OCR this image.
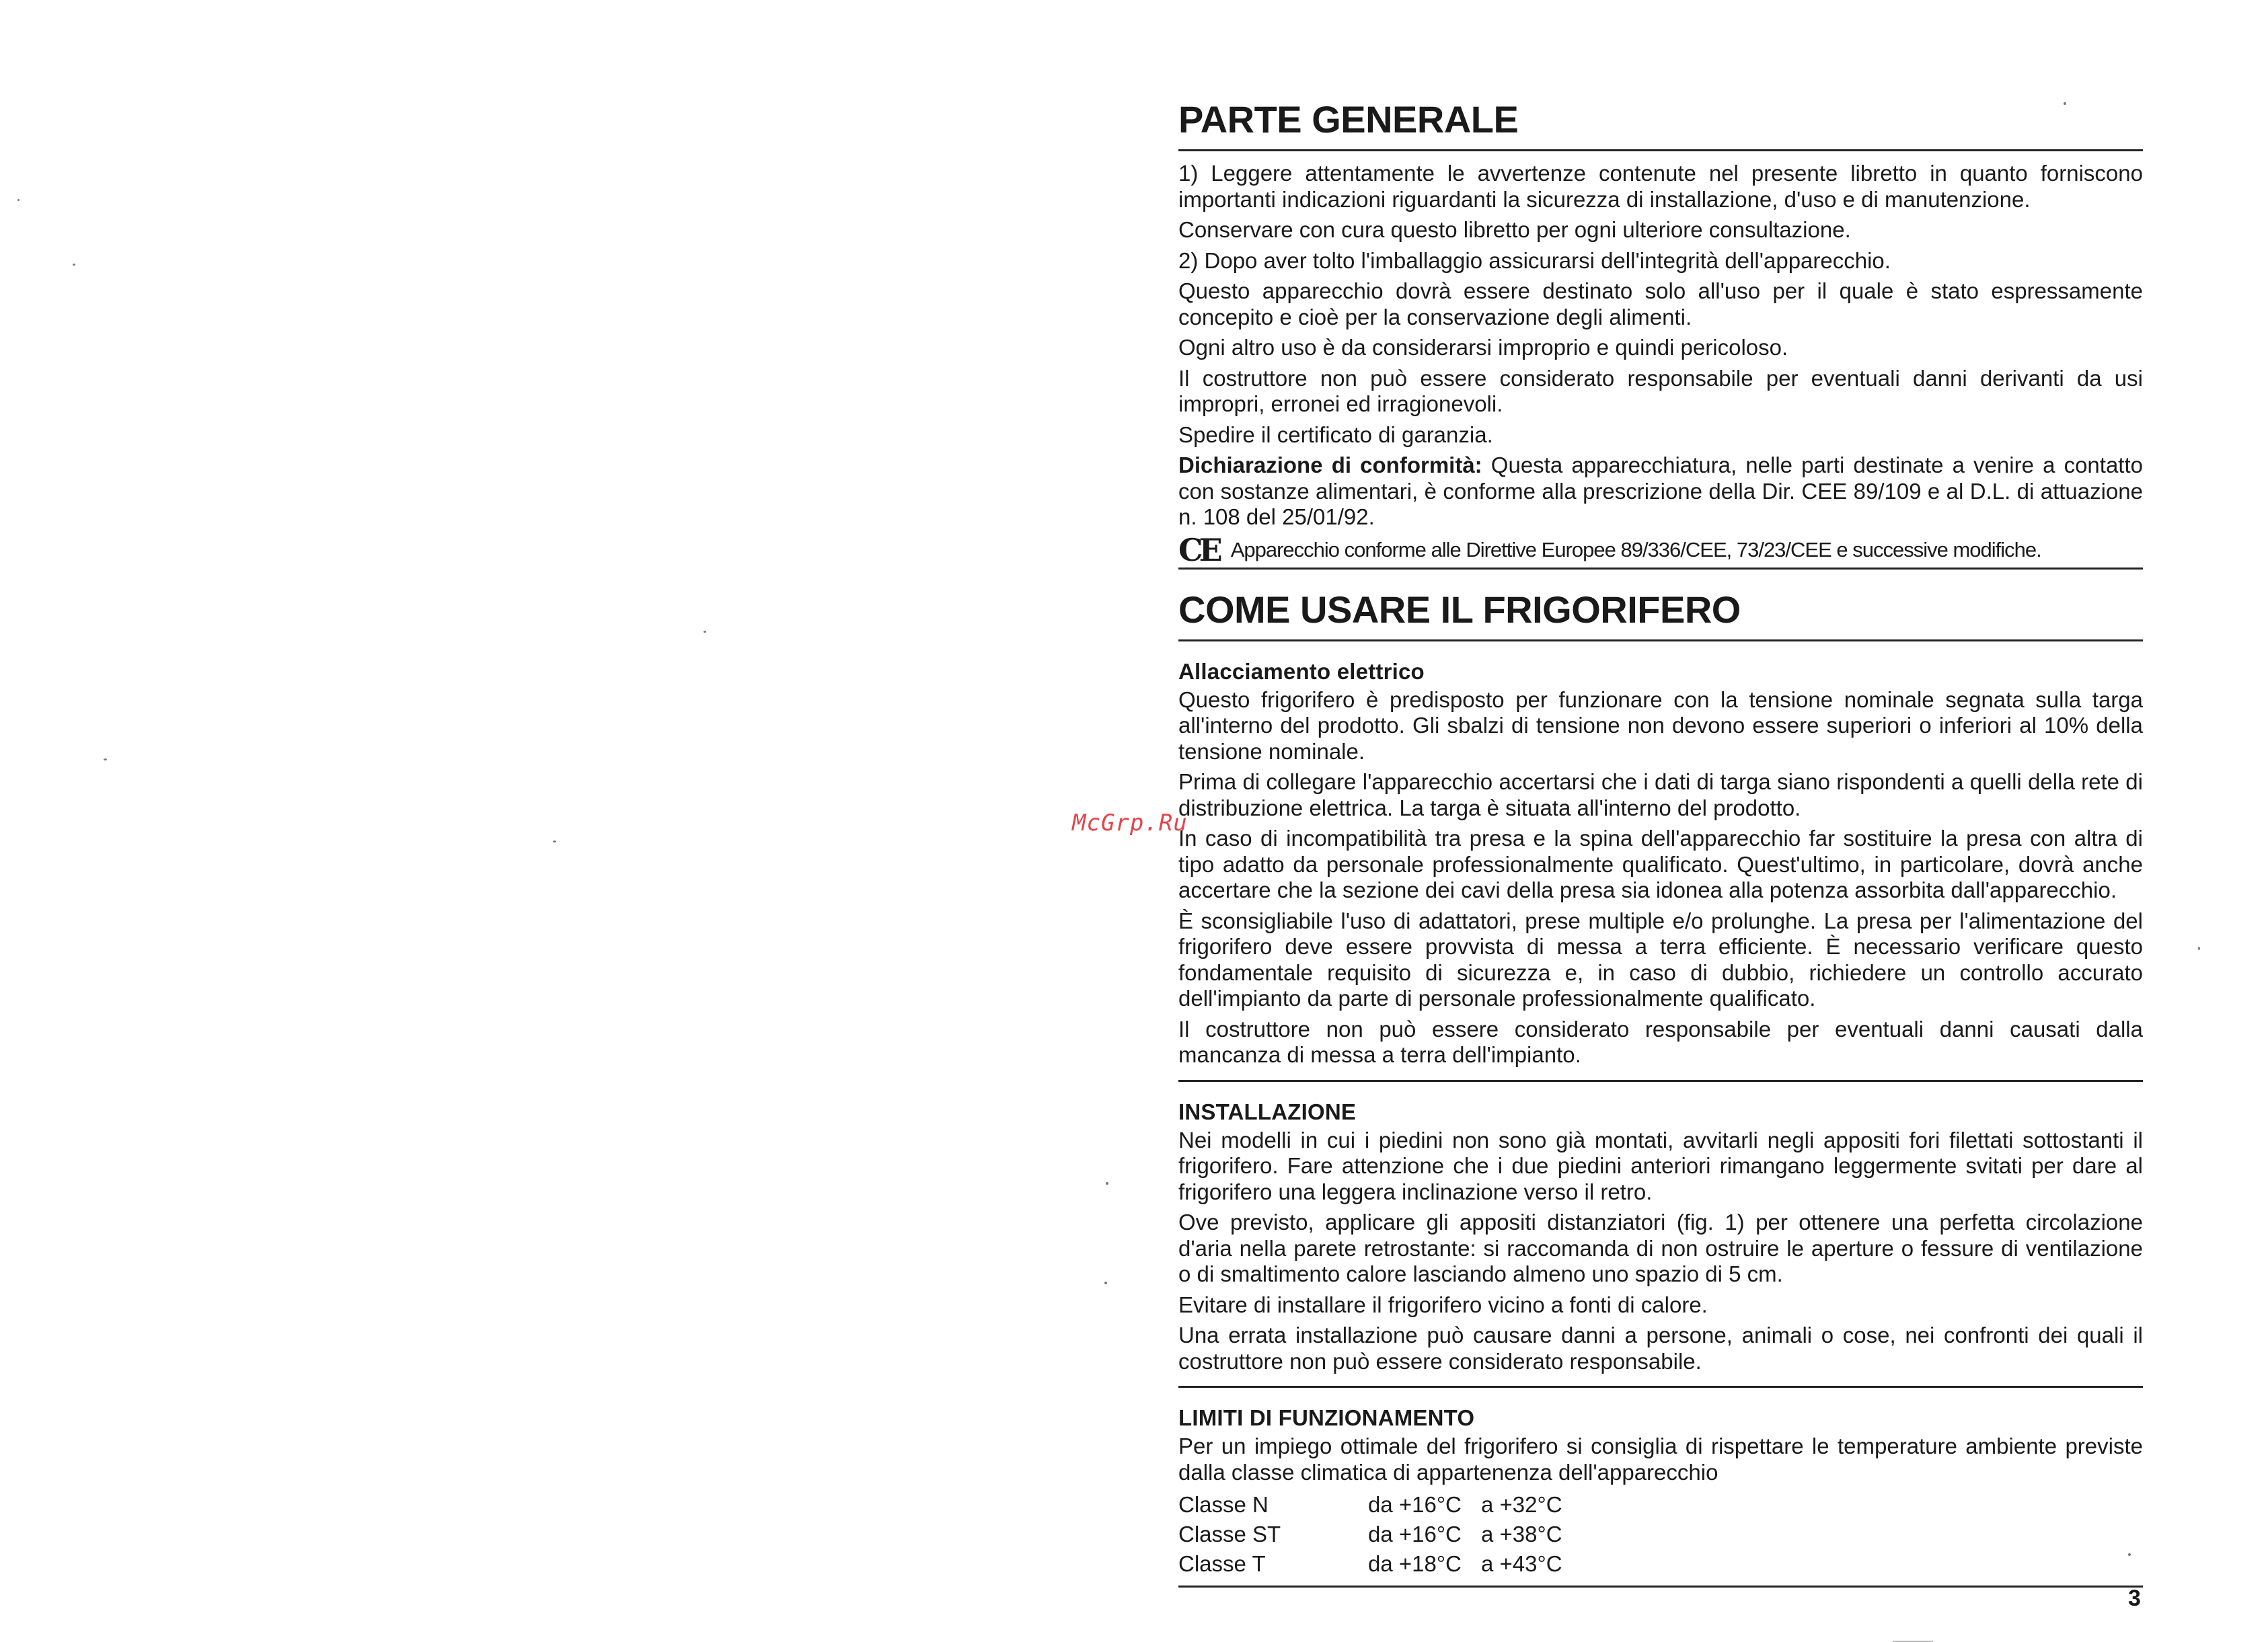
McGrp.Ru
PARTE GENERALE

1) Leggere attentamente le avvertenze contenute nel presente libretto in quanto forniscono importanti indicazioni riguardanti la sicurezza di installazione, d'uso e di manutenzione.

Conservare con cura questo libretto per ogni ulteriore consultazione.

2) Dopo aver tolto l'imballaggio assicurarsi dell'integrità dell'apparecchio.

Questo apparecchio dovrà essere destinato solo all'uso per il quale è stato espressamente concepito e cioè per la conservazione degli alimenti.

Ogni altro uso è da considerarsi improprio e quindi pericoloso.

Il costruttore non può essere considerato responsabile per eventuali danni derivanti da usi impropri, erronei ed irragionevoli.

Spedire il certificato di garanzia.

Dichiarazione di conformità: Questa apparecchiatura, nelle parti destinate a venire a contatto con sostanze alimentari, è conforme alla prescrizione della Dir. CEE 89/109 e al D.L. di attuazione n. 108 del 25/01/92.

CE Apparecchio conforme alle Direttive Europee 89/336/CEE, 73/23/CEE e successive modifiche.
COME USARE IL FRIGORIFERO
Allacciamento elettrico

Questo frigorifero è predisposto per funzionare con la tensione nominale segnata sulla targa all'interno del prodotto. Gli sbalzi di tensione non devono essere superiori o inferiori al 10% della tensione nominale.

Prima di collegare l'apparecchio accertarsi che i dati di targa siano rispondenti a quelli della rete di distribuzione elettrica. La targa è situata all'interno del prodotto.

In caso di incompatibilità tra presa e la spina dell'apparecchio far sostituire la presa con altra di tipo adatto da personale professionalmente qualificato. Quest'ultimo, in particolare, dovrà anche accertare che la sezione dei cavi della presa sia idonea alla potenza assorbita dall'apparecchio.

È sconsigliabile l'uso di adattatori, prese multiple e/o prolunghe. La presa per l'alimentazione del frigorifero deve essere provvista di messa a terra efficiente. È necessario verificare questo fondamentale requisito di sicurezza e, in caso di dubbio, richiedere un controllo accurato dell'impianto da parte di personale professionalmente qualificato.

Il costruttore non può essere considerato responsabile per eventuali danni causati dalla mancanza di messa a terra dell'impianto.

INSTALLAZIONE

Nei modelli in cui i piedini non sono già montati, avvitarli negli appositi fori filettati sottostanti il frigorifero. Fare attenzione che i due piedini anteriori rimangano leggermente svitati per dare al frigorifero una leggera inclinazione verso il retro.

Ove previsto, applicare gli appositi distanziatori (fig. 1) per ottenere una perfetta circolazione d'aria nella parete retrostante: si raccomanda di non ostruire le aperture o fessure di ventilazione o di smaltimento calore lasciando almeno uno spazio di 5 cm.

Evitare di installare il frigorifero vicino a fonti di calore.

Una errata installazione può causare danni a persone, animali o cose, nei confronti dei quali il costruttore non può essere considerato responsabile.

LIMITI DI FUNZIONAMENTO

Per un impiego ottimale del frigorifero si consiglia di rispettare le temperature ambiente previste dalla classe climatica di appartenenza dell'apparecchio

Classe N	da +16°C	a +32°C
Classe ST	da +16°C	a +38°C
Classe T	da +18°C	a +43°C
3
